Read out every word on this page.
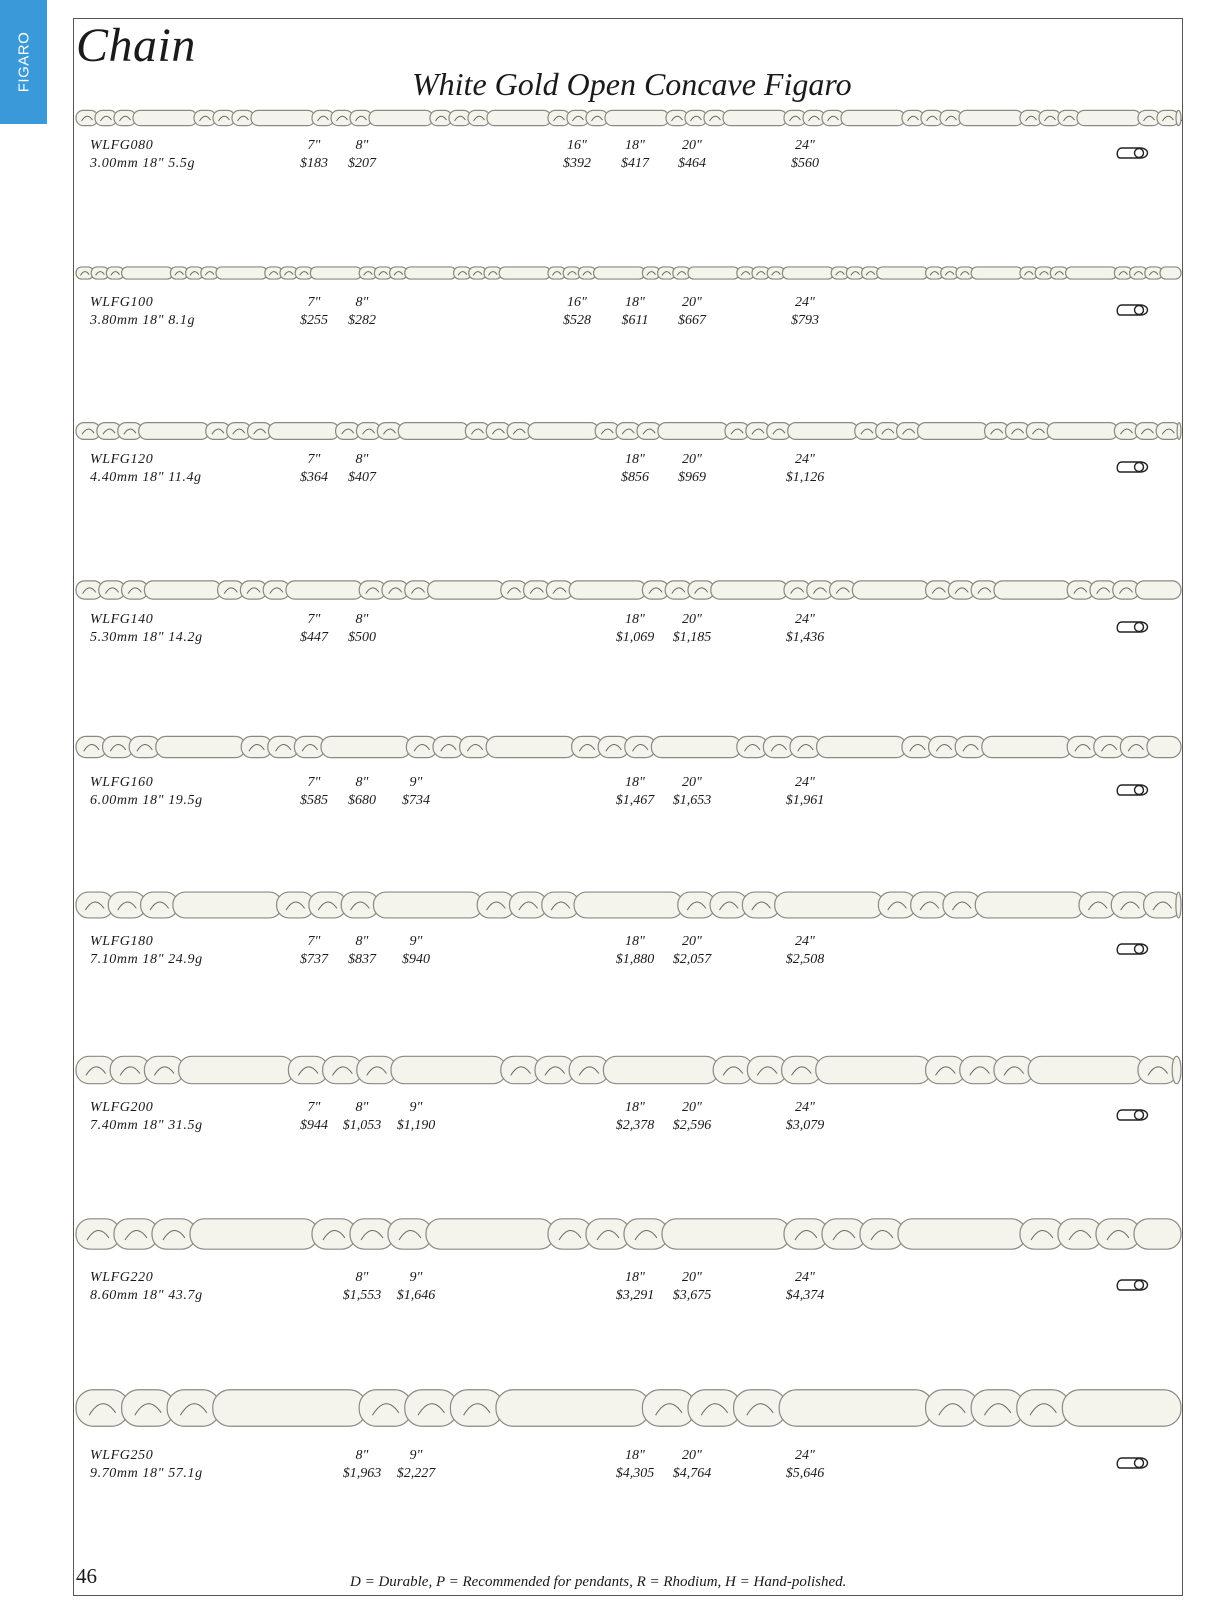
FIGARO Chain
White Gold Open Concave Figaro
WLFG080
3.00mm 18" 5.5g
7"
$183
8"
$207
16"
$392
18"
$417
20"
$464
24"
$560
WLFG100
3.80mm 18" 8.1g
7"
$255
8"
$282
16"
$528
18"
$611
20"
$667
24"
$793
WLFG120
4.40mm 18" 11.4g
7"
$364
8"
$407
18"
$856
20"
$969
24"
$1,126
WLFG140
5.30mm 18" 14.2g
7"
$447
8"
$500
18"
$1,069
20"
$1,185
24"
$1,436
WLFG160
6.00mm 18" 19.5g
7"
$585
8"
$680
9"
$734
18"
$1,467
20"
$1,653
24"
$1,961
WLFG180
7.10mm 18" 24.9g
7"
$737
8"
$837
9"
$940
18"
$1,880
20"
$2,057
24"
$2,508
WLFG200
7.40mm 18" 31.5g
7"
$944
8"
$1,053
9"
$1,190
18"
$2,378
20"
$2,596
24"
$3,079
WLFG220
8.60mm 18" 43.7g
8"
$1,553
9"
$1,646
18"
$3,291
20"
$3,675
24"
$4,374
WLFG250
9.70mm 18" 57.1g
8"
$1,963
9"
$2,227
18"
$4,305
20"
$4,764
24"
$5,646
46	D = Durable, P = Recommended for pendants, R = Rhodium, H = Hand-polished.
